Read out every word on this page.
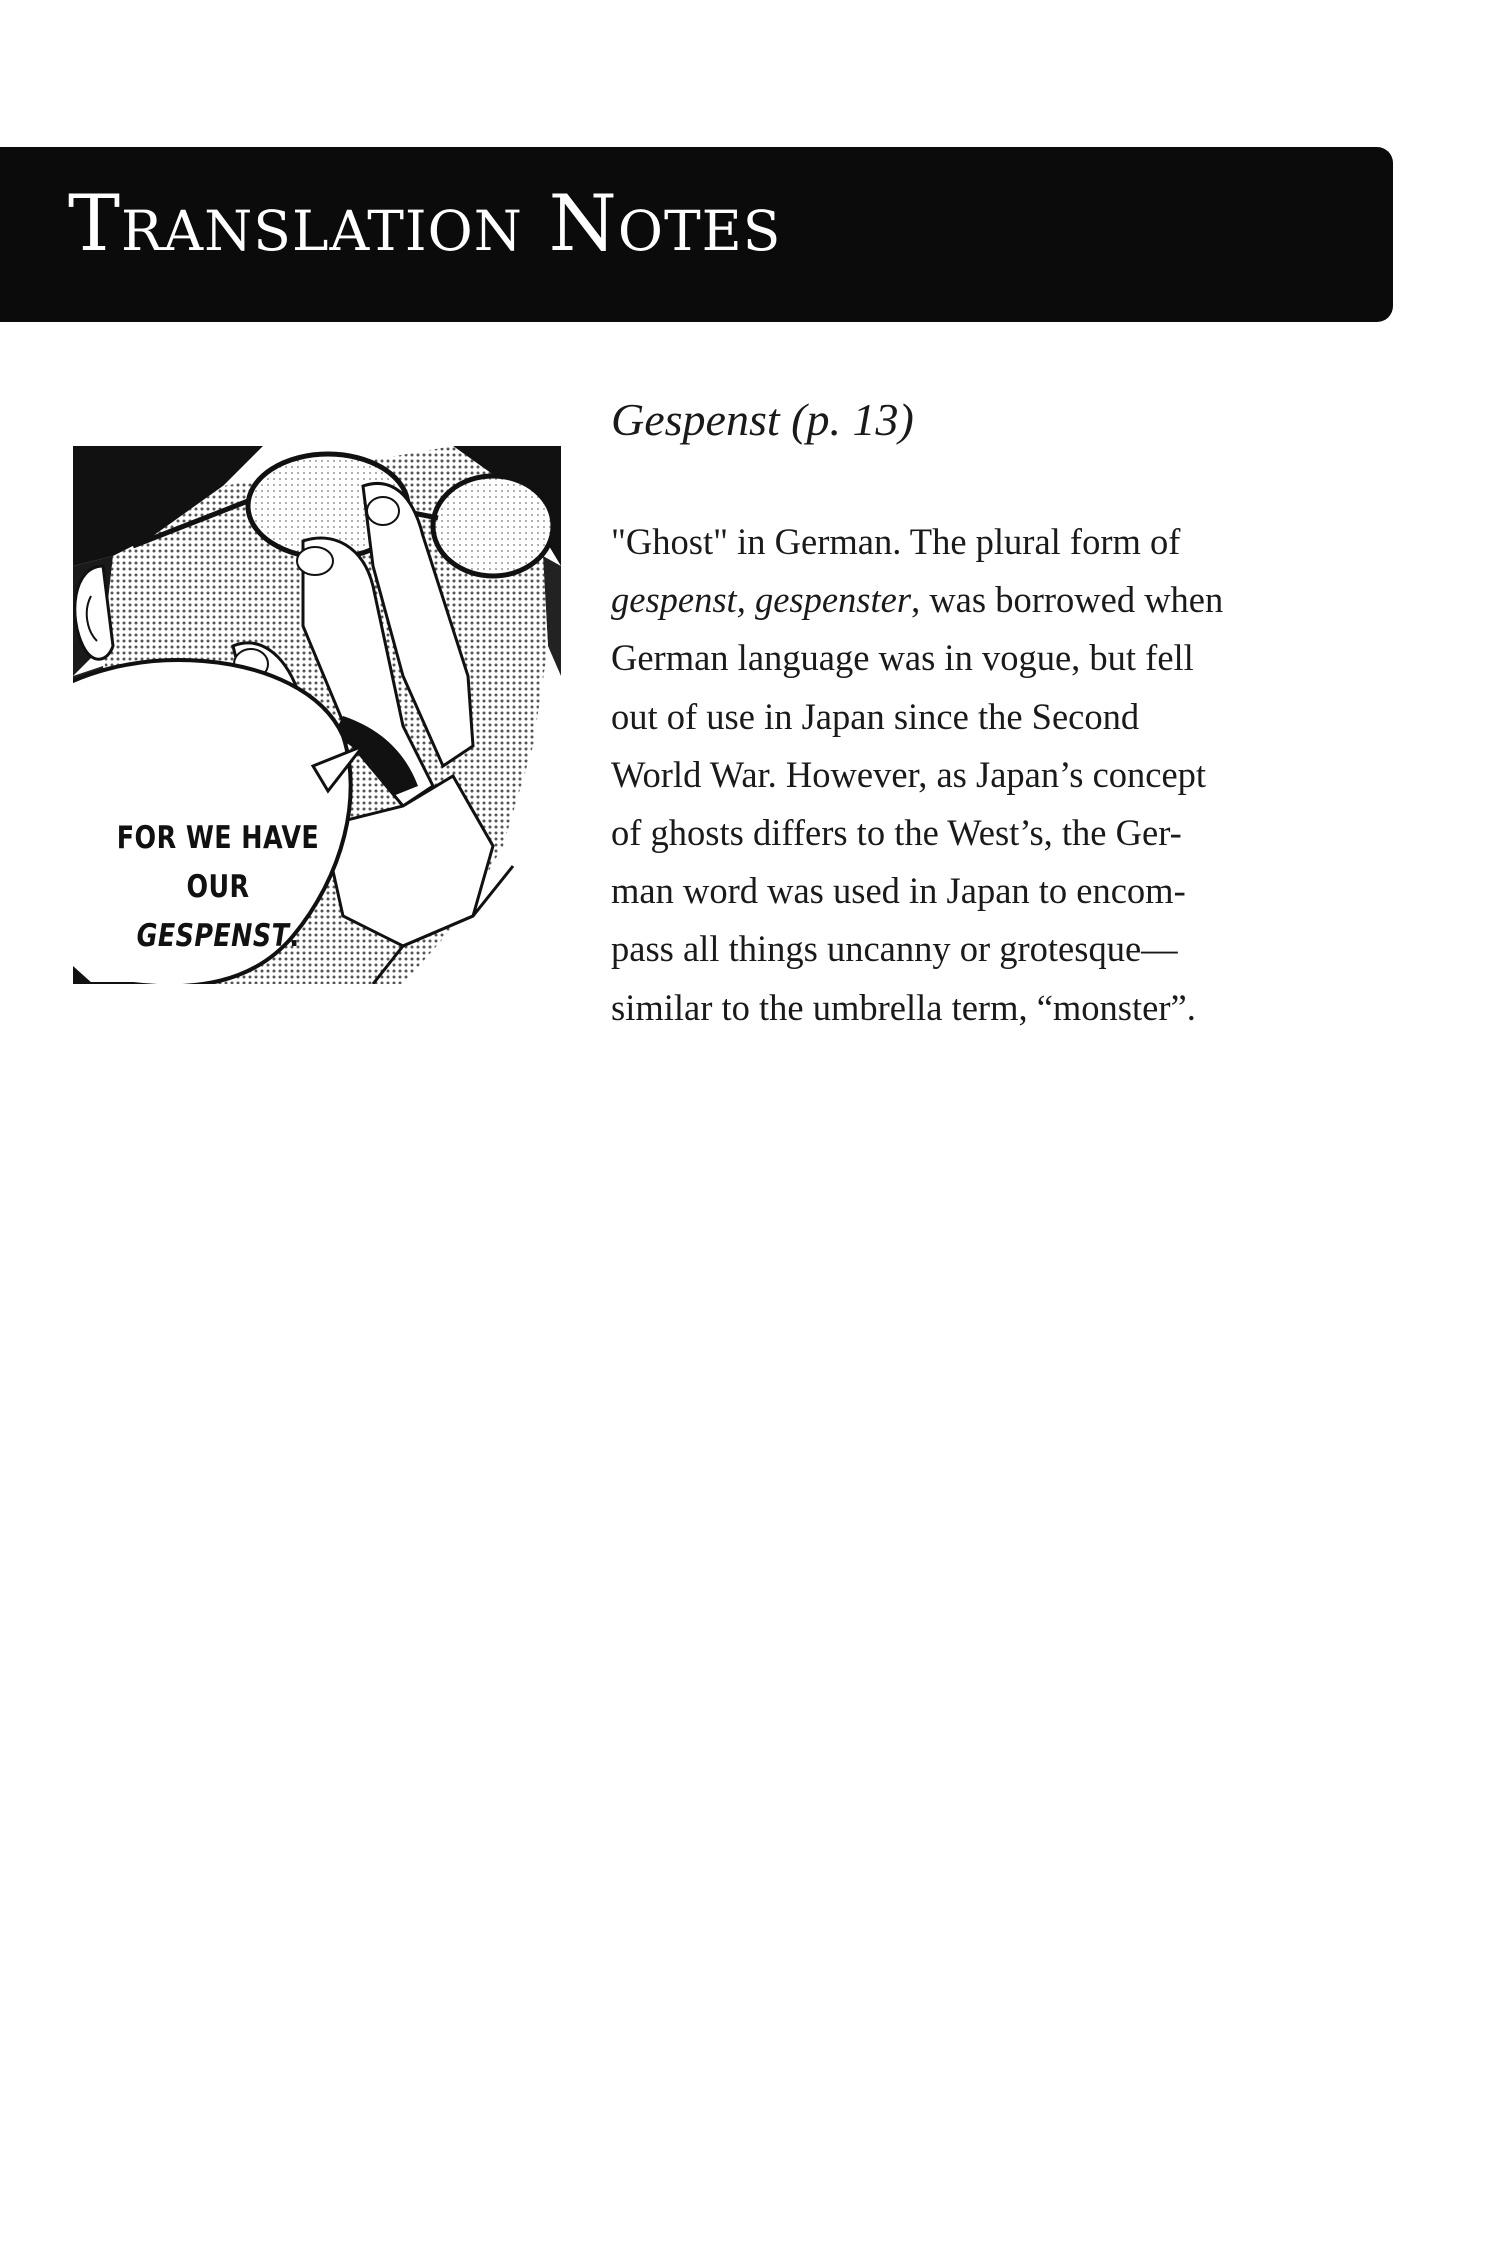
Translation Notes
FOR WE HAVE
OUR GESPENST.
Gespenst (p. 13)
"Ghost" in German. The plural form of
gespenst, gespenster, was borrowed when
German language was in vogue, but fell
out of use in Japan since the Second
World War. However, as Japan’s concept
of ghosts differs to the West’s, the Ger-
man word was used in Japan to encom-
pass all things uncanny or grotesque—
similar to the umbrella term, “monster”.
